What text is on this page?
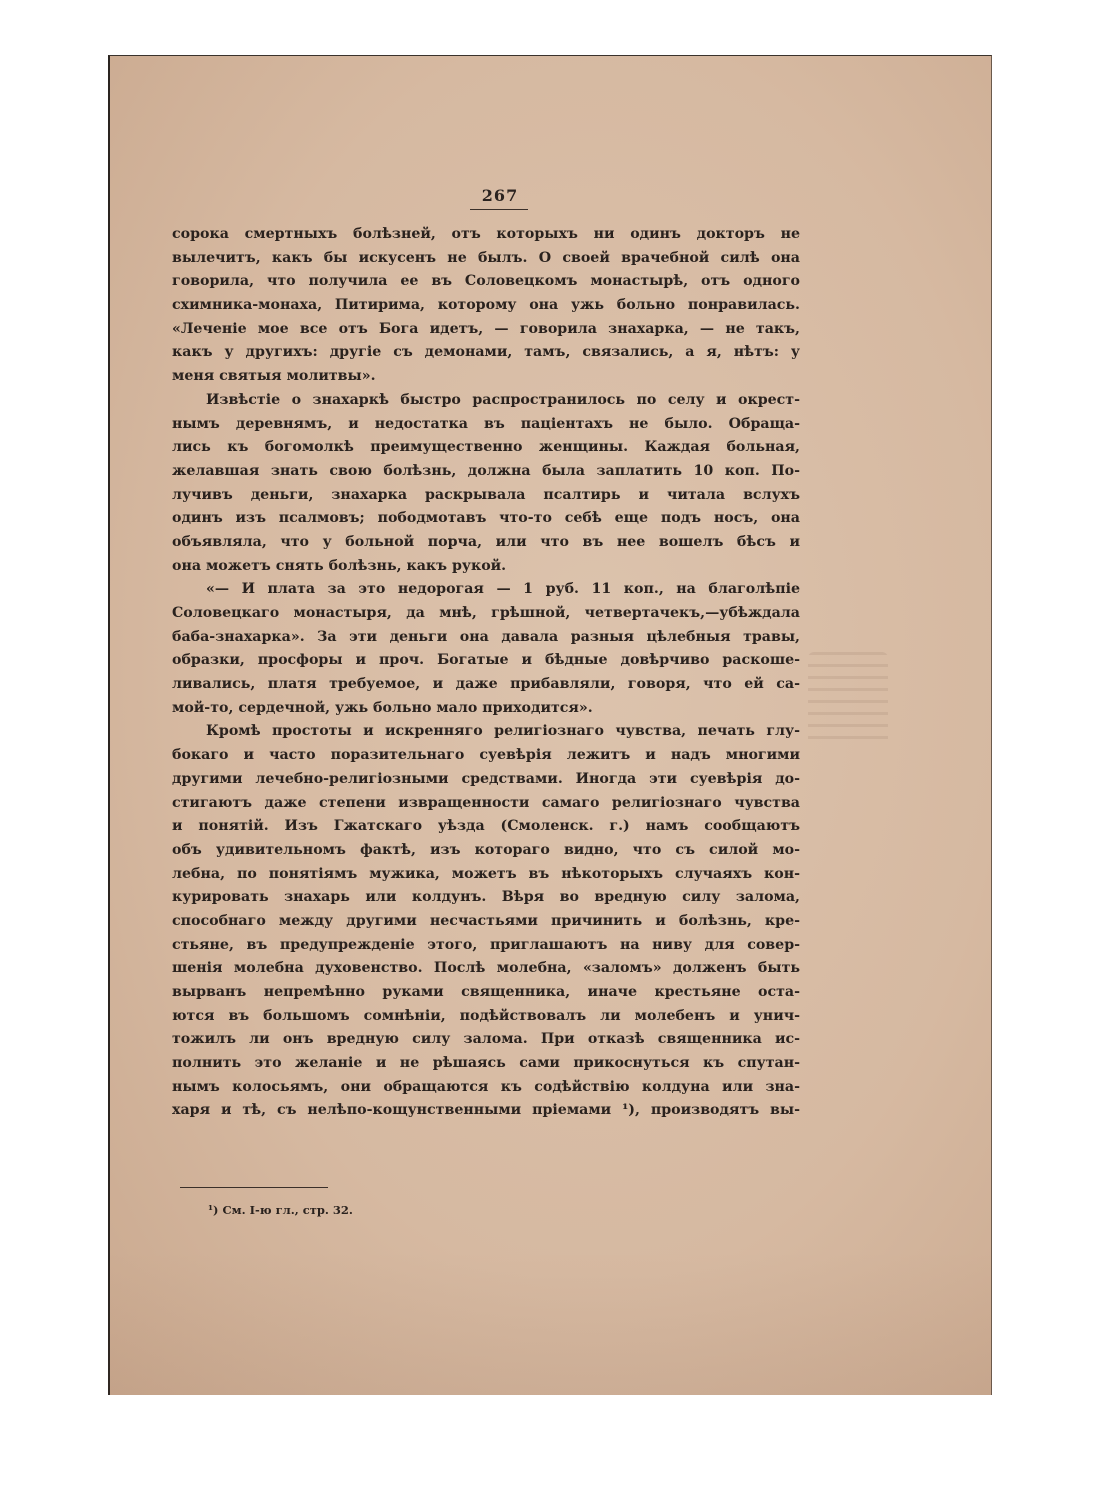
267
сорока смертныхъ болѣзней, отъ которыхъ ни одинъ докторъ не
вылечитъ, какъ бы искусенъ не былъ. О своей врачебной силѣ она
говорила, что получила ее въ Соловецкомъ монастырѣ, отъ одного
схимника-монаха, Питирима, которому она ужь больно понравилась.
«Леченіе мое все отъ Бога идетъ, — говорила знахарка, — не такъ,
какъ у другихъ: другіе съ демонами, тамъ, связались, а я, нѣтъ: у
меня святыя молитвы».
Извѣстіе о знахаркѣ быстро распространилось по селу и окрест-
нымъ деревнямъ, и недостатка въ паціентахъ не было. Обраща-
лись къ богомолкѣ преимущественно женщины. Каждая больная,
желавшая знать свою болѣзнь, должна была заплатить 10 коп. По-
лучивъ деньги, знахарка раскрывала псалтирь и читала вслухъ
одинъ изъ псалмовъ; пободмотавъ что-то себѣ еще подъ носъ, она
объявляла, что у больной порча, или что въ нее вошелъ бѣсъ и
она можетъ снять болѣзнь, какъ рукой.
«— И плата за это недорогая — 1 руб. 11 коп., на благолѣпіе
Соловецкаго монастыря, да мнѣ, грѣшной, четвертачекъ,—убѣждала
баба-знахарка». За эти деньги она давала разныя цѣлебныя травы,
образки, просфоры и проч. Богатые и бѣдные довѣрчиво раскоше-
ливались, платя требуемое, и даже прибавляли, говоря, что ей са-
мой-то, сердечной, ужь больно мало приходится».
Кромѣ простоты и искренняго религіознаго чувства, печать глу-
бокаго и часто поразительнаго суевѣрія лежитъ и надъ многими
другими лечебно-религіозными средствами. Иногда эти суевѣрія до-
стигаютъ даже степени извращенности самаго религіознаго чувства
и понятій. Изъ Гжатскаго уѣзда (Смоленск. г.) намъ сообщаютъ
объ удивительномъ фактѣ, изъ котораго видно, что съ силой мо-
лебна, по понятіямъ мужика, можетъ въ нѣкоторыхъ случаяхъ кон-
курировать знахарь или колдунъ. Вѣря во вредную силу залома,
способнаго между другими несчастьями причинить и болѣзнь, кре-
стьяне, въ предупрежденіе этого, приглашаютъ на ниву для совер-
шенія молебна духовенство. Послѣ молебна, «заломъ» долженъ быть
вырванъ непремѣнно руками священника, иначе крестьяне оста-
ются въ большомъ сомнѣніи, подѣйствовалъ ли молебенъ и унич-
тожилъ ли онъ вредную силу залома. При отказѣ священника ис-
полнить это желаніе и не рѣшаясь сами прикоснуться къ спутан-
нымъ колосьямъ, они обращаются къ содѣйствію колдуна или зна-
харя и тѣ, съ нелѣпо-кощунственными пріемами ¹), производятъ вы-
¹) См. I-ю гл., стр. 32.
